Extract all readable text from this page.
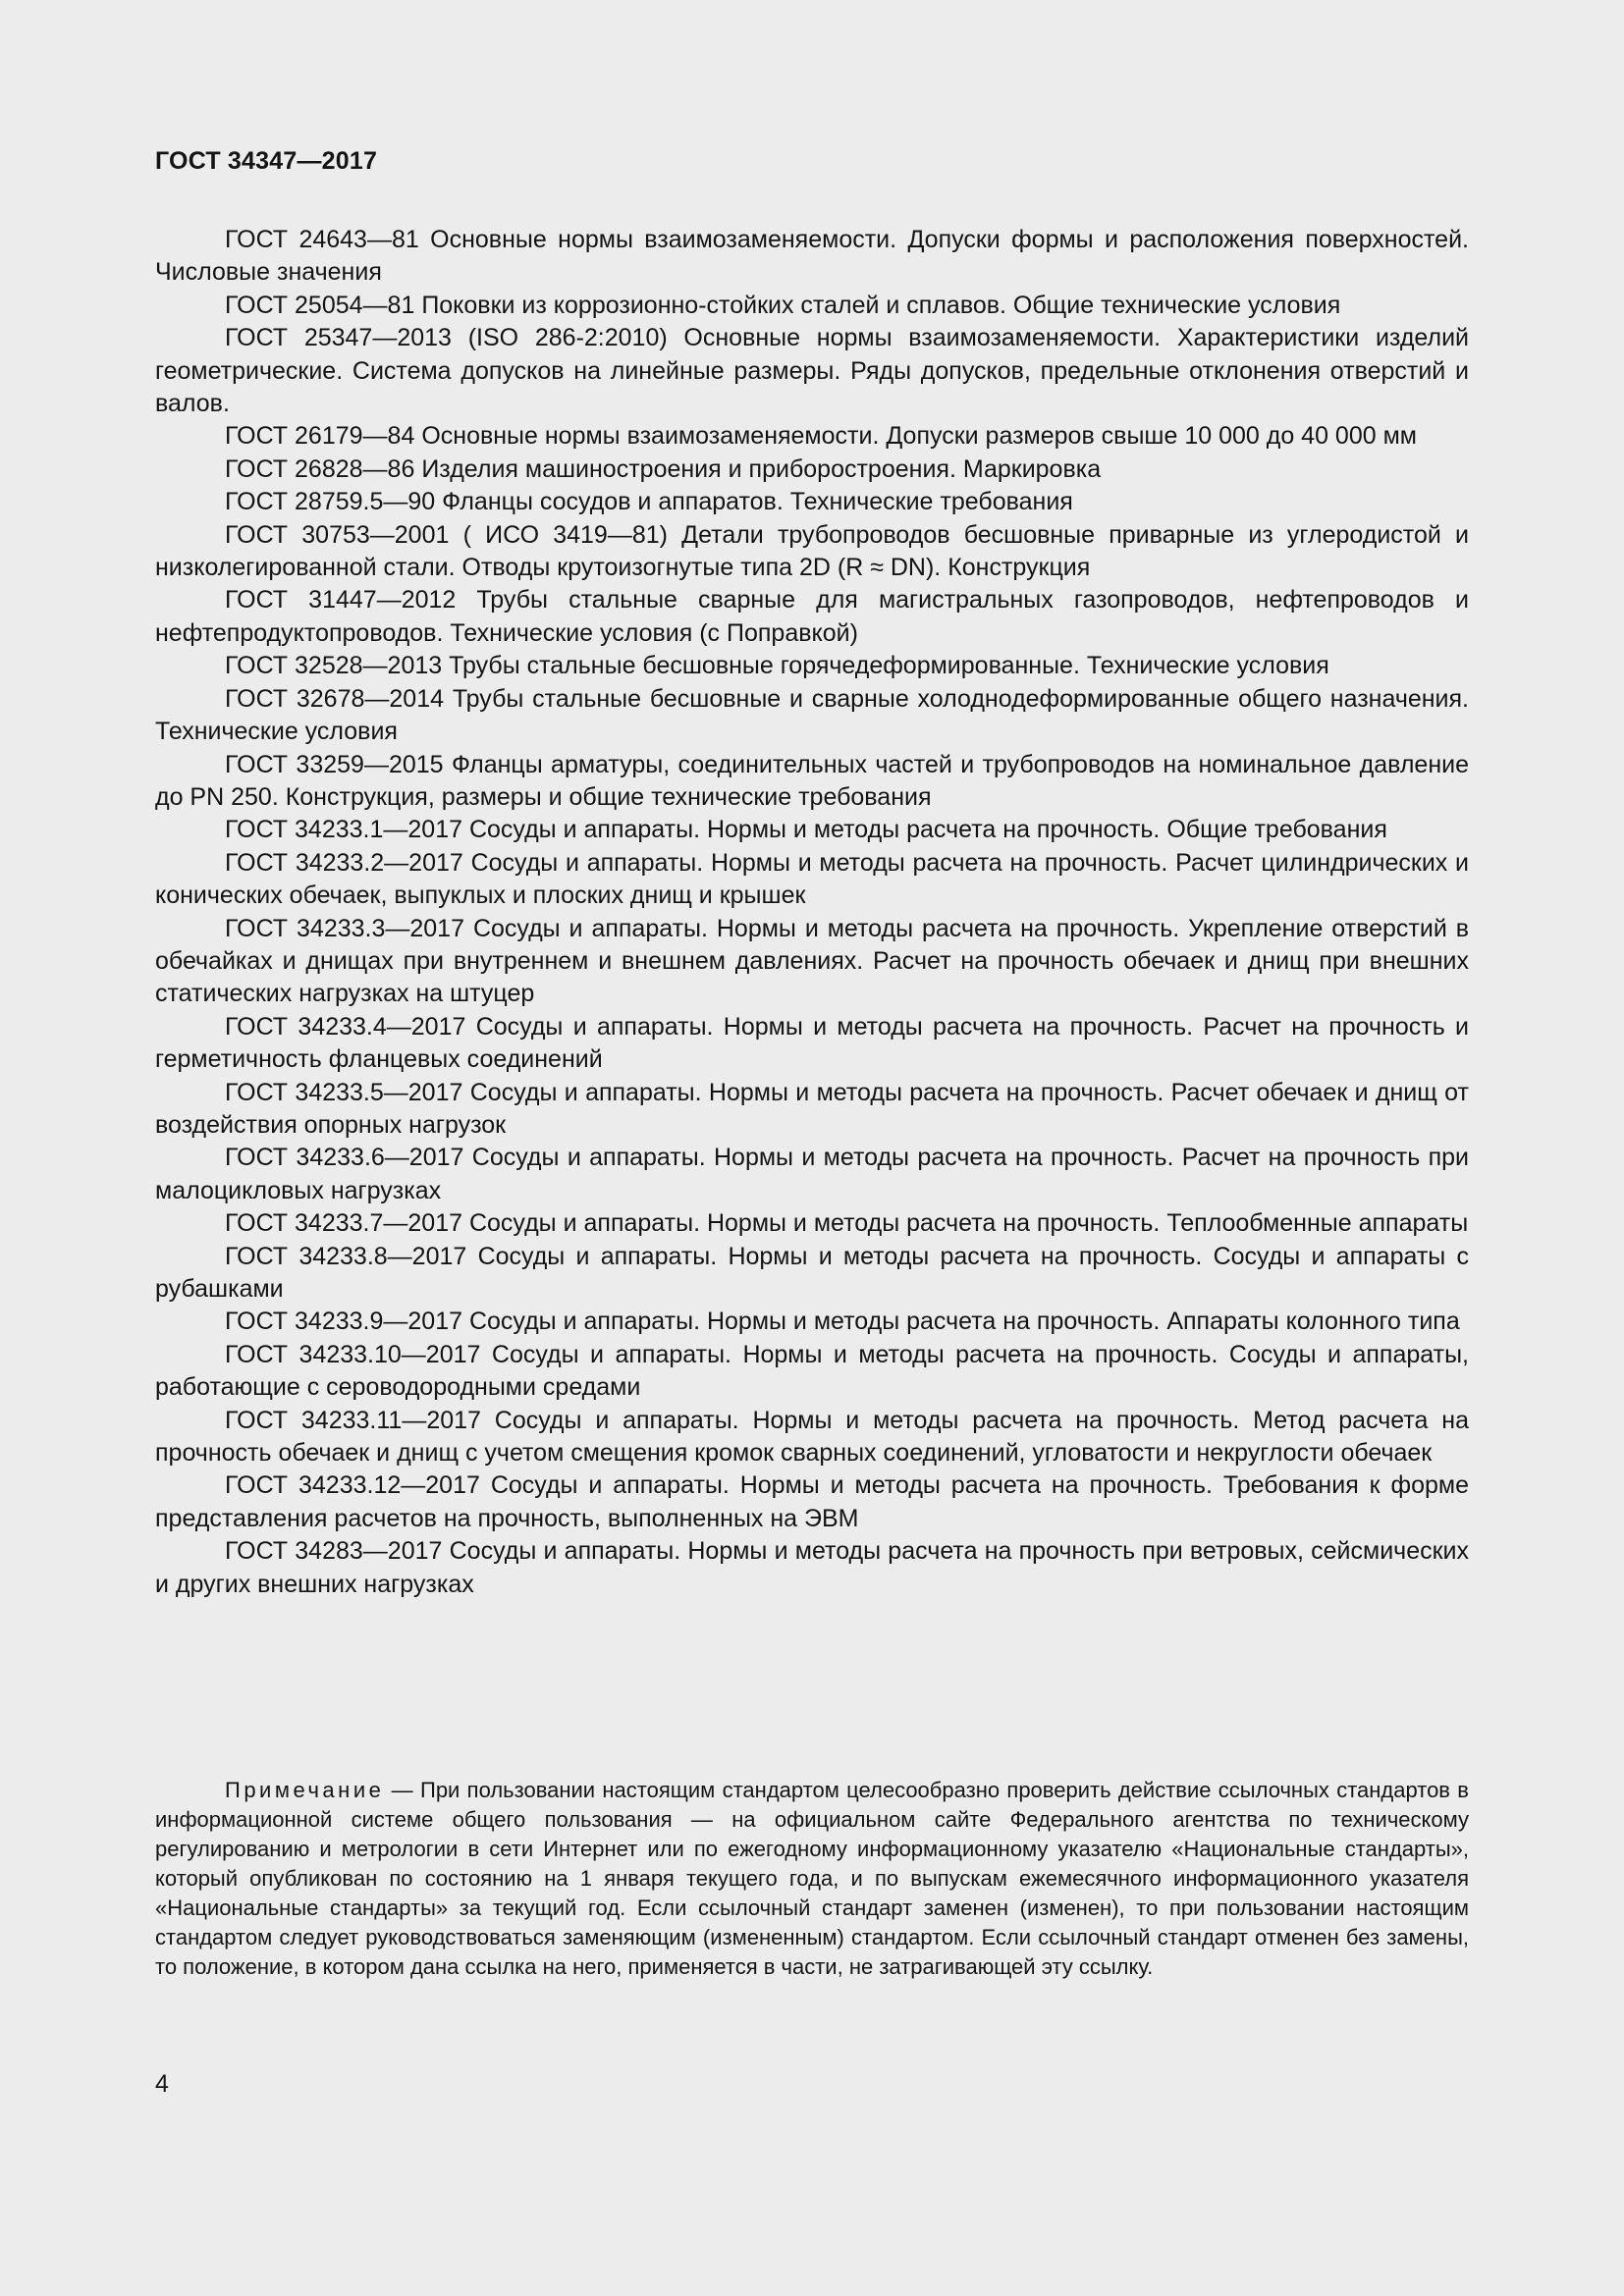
ГОСТ 34347—2017

ГОСТ 24643—81 Основные нормы взаимозаменяемости. Допуски формы и расположения поверхностей. Числовые значения

ГОСТ 25054—81 Поковки из коррозионно-стойких сталей и сплавов. Общие технические условия

ГОСТ 25347—2013 (ISO 286-2:2010) Основные нормы взаимозаменяемости. Характеристики изделий геометрические. Система допусков на линейные размеры. Ряды допусков, предельные отклонения отверстий и валов.

ГОСТ 26179—84 Основные нормы взаимозаменяемости. Допуски размеров свыше 10 000 до 40 000 мм

ГОСТ 26828—86 Изделия машиностроения и приборостроения. Маркировка

ГОСТ 28759.5—90 Фланцы сосудов и аппаратов. Технические требования

ГОСТ 30753—2001 ( ИСО 3419—81) Детали трубопроводов бесшовные приварные из углеродистой и низколегированной стали. Отводы крутоизогнутые типа 2D (R ≈ DN). Конструкция

ГОСТ 31447—2012 Трубы стальные сварные для магистральных газопроводов, нефтепроводов и нефтепродуктопроводов. Технические условия (с Поправкой)

ГОСТ 32528—2013 Трубы стальные бесшовные горячедеформированные. Технические условия

ГОСТ 32678—2014 Трубы стальные бесшовные и сварные холоднодеформированные общего назначения. Технические условия

ГОСТ 33259—2015 Фланцы арматуры, соединительных частей и трубопроводов на номинальное давление до PN 250. Конструкция, размеры и общие технические требования

ГОСТ 34233.1—2017 Сосуды и аппараты. Нормы и методы расчета на прочность. Общие требования

ГОСТ 34233.2—2017 Сосуды и аппараты. Нормы и методы расчета на прочность. Расчет цилиндрических и конических обечаек, выпуклых и плоских днищ и крышек

ГОСТ 34233.3—2017 Сосуды и аппараты. Нормы и методы расчета на прочность. Укрепление отверстий в обечайках и днищах при внутреннем и внешнем давлениях. Расчет на прочность обечаек и днищ при внешних статических нагрузках на штуцер

ГОСТ 34233.4—2017 Сосуды и аппараты. Нормы и методы расчета на прочность. Расчет на прочность и герметичность фланцевых соединений

ГОСТ 34233.5—2017 Сосуды и аппараты. Нормы и методы расчета на прочность. Расчет обечаек и днищ от воздействия опорных нагрузок

ГОСТ 34233.6—2017 Сосуды и аппараты. Нормы и методы расчета на прочность. Расчет на прочность при малоцикловых нагрузках

ГОСТ 34233.7—2017 Сосуды и аппараты. Нормы и методы расчета на прочность. Теплообменные аппараты

ГОСТ 34233.8—2017 Сосуды и аппараты. Нормы и методы расчета на прочность. Сосуды и аппараты с рубашками

ГОСТ 34233.9—2017 Сосуды и аппараты. Нормы и методы расчета на прочность. Аппараты колонного типа

ГОСТ 34233.10—2017 Сосуды и аппараты. Нормы и методы расчета на прочность. Сосуды и аппараты, работающие с сероводородными средами

ГОСТ 34233.11—2017 Сосуды и аппараты. Нормы и методы расчета на прочность. Метод расчета на прочность обечаек и днищ с учетом смещения кромок сварных соединений, угловатости и некруглости обечаек

ГОСТ 34233.12—2017 Сосуды и аппараты. Нормы и методы расчета на прочность. Требования к форме представления расчетов на прочность, выполненных на ЭВМ

ГОСТ 34283—2017 Сосуды и аппараты. Нормы и методы расчета на прочность при ветровых, сейсмических и других внешних нагрузках

Примечание — При пользовании настоящим стандартом целесообразно проверить действие ссылочных стандартов в информационной системе общего пользования — на официальном сайте Федерального агентства по техническому регулированию и метрологии в сети Интернет или по ежегодному информационному указателю «Национальные стандарты», который опубликован по состоянию на 1 января текущего года, и по выпускам ежемесячного информационного указателя «Национальные стандарты» за текущий год. Если ссылочный стандарт заменен (изменен), то при пользовании настоящим стандартом следует руководствоваться заменяющим (измененным) стандартом. Если ссылочный стандарт отменен без замены, то положение, в котором дана ссылка на него, применяется в части, не затрагивающей эту ссылку.

4
